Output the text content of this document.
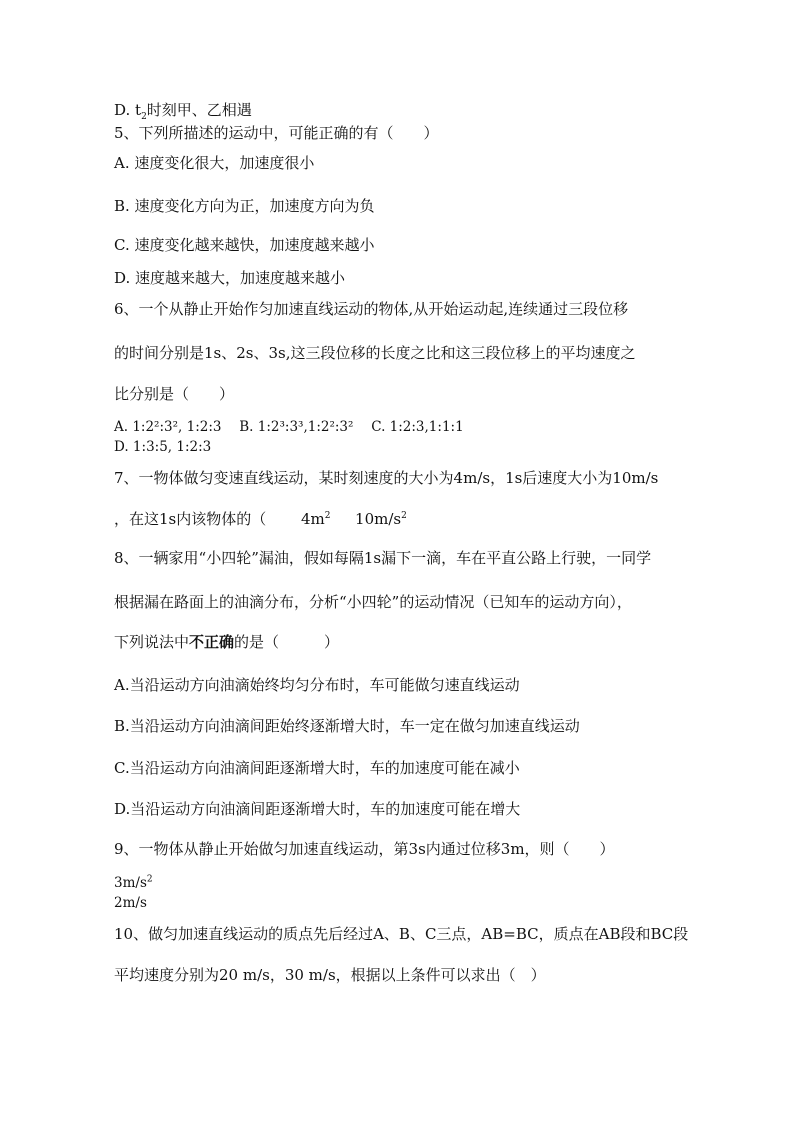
D. $t_2$时刻甲、乙相遇
5、下列所描述的运动中，可能正确的有（　　）
A. 速度变化很大，加速度很小
B. 速度变化方向为正，加速度方向为负
C. 速度变化越来越快，加速度越来越小
D. 速度越来越大，加速度越来越小
6、一个从静止开始作匀加速直线运动的物体,从开始运动起,连续通过三段位移
的时间分别是1s、2s、3s,这三段位移的长度之比和这三段位移上的平均速度之
比分别是（　　）
A. 1:2²:3², 1:2:3　 B. 1:2³:3³,1:2²:3²　 C. 1:2:3,1:1:1
D. 1:3:5, 1:2:3
7、一物体做匀变速直线运动，某时刻速度的大小为4m/s，1s后速度大小为10m/s
，在这1s内该物体的（　　 $4m^2$ 　 $10m/s^2$
8、一辆家用“小四轮”漏油，假如每隔1s漏下一滴，车在平直公路上行驶，一同学
根据漏在路面上的油滴分布，分析“小四轮”的运动情况（已知车的运动方向），
下列说法中不正确的是（　　　）
A.当沿运动方向油滴始终均匀分布时，车可能做匀速直线运动
B.当沿运动方向油滴间距始终逐渐增大时，车一定在做匀加速直线运动
C.当沿运动方向油滴间距逐渐增大时，车的加速度可能在减小
D.当沿运动方向油滴间距逐渐增大时，车的加速度可能在增大
9、一物体从静止开始做匀加速直线运动，第3s内通过位移3m，则（　　）
$3m/s^2$
2m/s
10、做匀加速直线运动的质点先后经过A、B、C三点，AB=BC，质点在AB段和BC段
平均速度分别为20 m/s，30 m/s，根据以上条件可以求出（　）
